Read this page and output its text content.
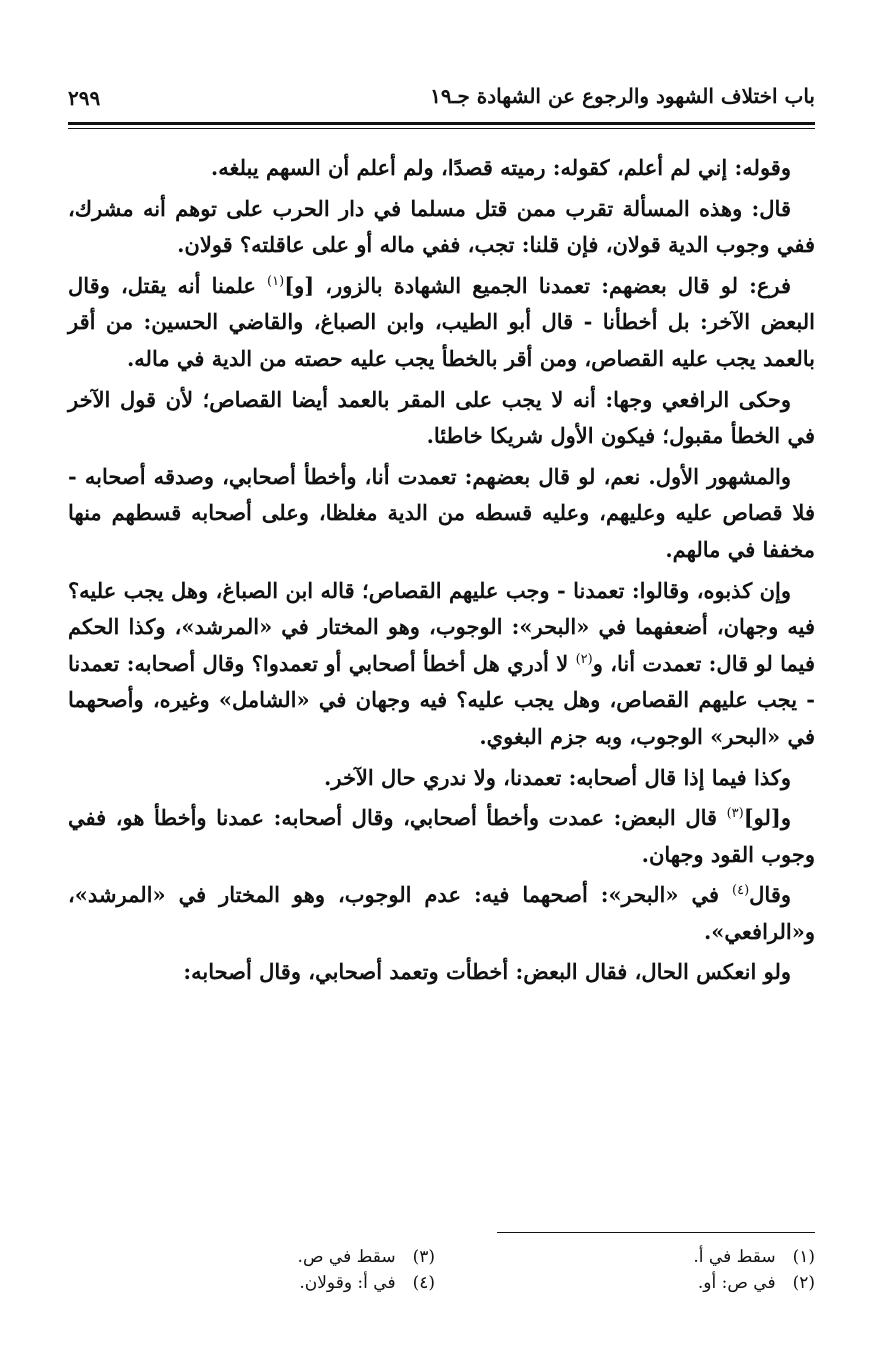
باب اختلاف الشهود والرجوع عن الشهادة جـ١٩
٢٩٩

وقوله: إني لم أعلم، كقوله: رميته قصدًا، ولم أعلم أن السهم يبلغه.

قال: وهذه المسألة تقرب ممن قتل مسلما في دار الحرب على توهم أنه مشرك، ففي وجوب الدية قولان، فإن قلنا: تجب، ففي ماله أو على عاقلته؟ قولان.

فرع: لو قال بعضهم: تعمدنا الجميع الشهادة بالزور، [و]$^{(١)}$ علمنا أنه يقتل، وقال البعض الآخر: بل أخطأنا - قال أبو الطيب، وابن الصباغ، والقاضي الحسين: من أقر بالعمد يجب عليه القصاص، ومن أقر بالخطأ يجب عليه حصته من الدية في ماله.

وحكى الرافعي وجها: أنه لا يجب على المقر بالعمد أيضا القصاص؛ لأن قول الآخر في الخطأ مقبول؛ فيكون الأول شريكا خاطئا.

والمشهور الأول. نعم، لو قال بعضهم: تعمدت أنا، وأخطأ أصحابي، وصدقه أصحابه - فلا قصاص عليه وعليهم، وعليه قسطه من الدية مغلظا، وعلى أصحابه قسطهم منها مخففا في مالهم.

وإن كذبوه، وقالوا: تعمدنا - وجب عليهم القصاص؛ قاله ابن الصباغ، وهل يجب عليه؟ فيه وجهان، أضعفهما في «البحر»: الوجوب، وهو المختار في «المرشد»، وكذا الحكم فيما لو قال: تعمدت أنا، و$^{(٢)}$ لا أدري هل أخطأ أصحابي أو تعمدوا؟ وقال أصحابه: تعمدنا - يجب عليهم القصاص، وهل يجب عليه؟ فيه وجهان في «الشامل» وغيره، وأصحهما في «البحر» الوجوب، وبه جزم البغوي.

وكذا فيما إذا قال أصحابه: تعمدنا، ولا ندري حال الآخر.

و[لو]$^{(٣)}$ قال البعض: عمدت وأخطأ أصحابي، وقال أصحابه: عمدنا وأخطأ هو، ففي وجوب القود وجهان.

وقال$^{(٤)}$ في «البحر»: أصحهما فيه: عدم الوجوب، وهو المختار في «المرشد»، و«الرافعي».

ولو انعكس الحال، فقال البعض: أخطأت وتعمد أصحابي، وقال أصحابه:

(١) سقط في أ.
(٢) في ص: أو.
(٣) سقط في ص.
(٤) في أ: وقولان.
